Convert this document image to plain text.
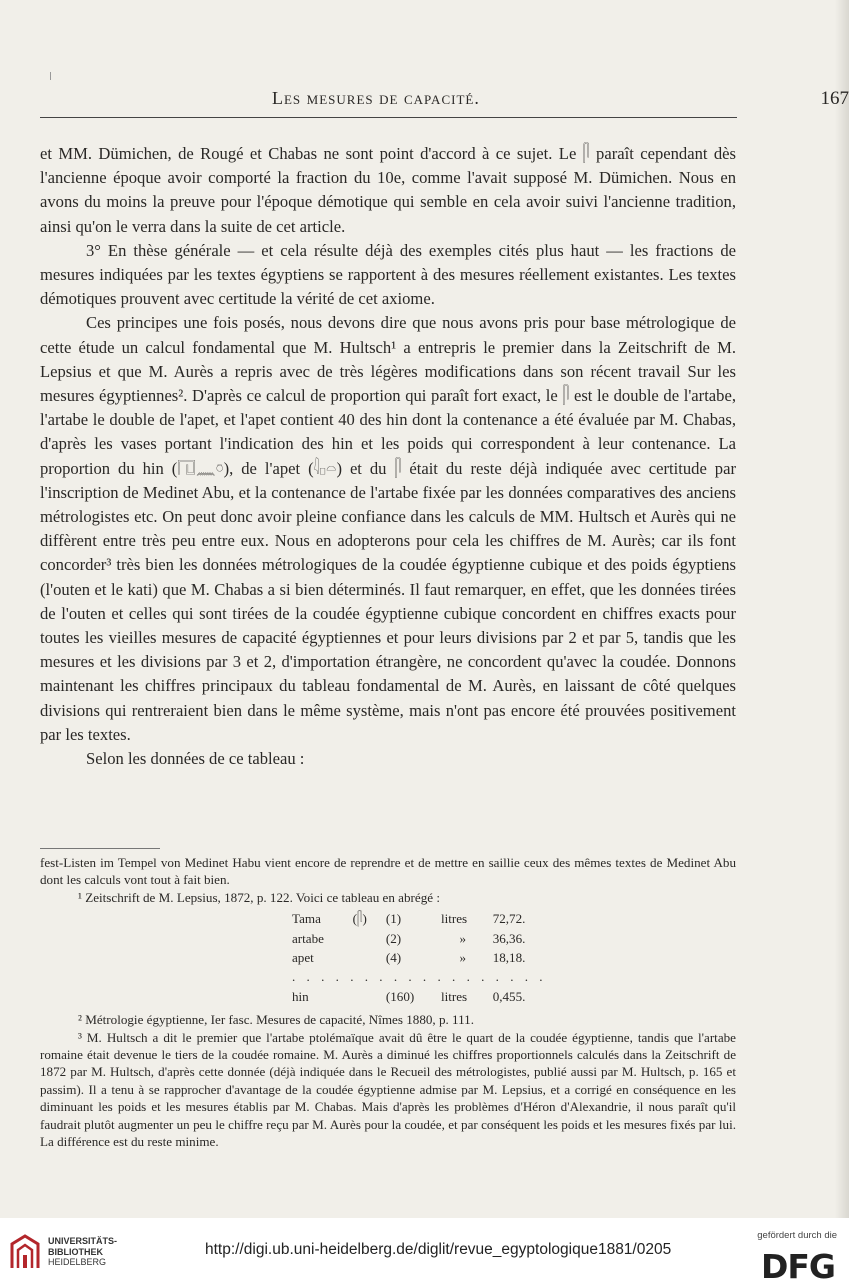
Les mesures de capacité.	167

et MM. Dümichen, de Rougé et Chabas ne sont point d'accord à ce sujet. Le 𓋴 paraît cependant dès l'ancienne époque avoir comporté la fraction du 10e, comme l'avait supposé M. Dümichen. Nous en avons du moins la preuve pour l'époque démotique qui semble en cela avoir suivi l'ancienne tradition, ainsi qu'on le verra dans la suite de cet article.

3° En thèse générale — et cela résulte déjà des exemples cités plus haut — les fractions de mesures indiquées par les textes égyptiens se rapportent à des mesures réellement existantes. Les textes démotiques prouvent avec certitude la vérité de cet axiome.

Ces principes une fois posés, nous devons dire que nous avons pris pour base métrologique de cette étude un calcul fondamental que M. Hultsch¹ a entrepris le premier dans la Zeitschrift de M. Lepsius et que M. Aurès a repris avec de très légères modifications dans son récent travail Sur les mesures égyptiennes². D'après ce calcul de proportion qui paraît fort exact, le 𓋴 est le double de l'artabe, l'artabe le double de l'apet, et l'apet contient 40 des hin dont la contenance a été évaluée par M. Chabas, d'après les vases portant l'indication des hin et les poids qui correspondent à leur contenance. La proportion du hin (𓉔𓈖𓏌), de l'apet (𓇋𓊪𓏏) et du 𓋴 était du reste déjà indiquée avec certitude par l'inscription de Medinet Abu, et la contenance de l'artabe fixée par les données comparatives des anciens métrologistes etc. On peut donc avoir pleine confiance dans les calculs de MM. Hultsch et Aurès qui ne diffèrent entre très peu entre eux. Nous en adopterons pour cela les chiffres de M. Aurès; car ils font concorder³ très bien les données métrologiques de la coudée égyptienne cubique et des poids égyptiens (l'outen et le kati) que M. Chabas a si bien déterminés. Il faut remarquer, en effet, que les données tirées de l'outen et celles qui sont tirées de la coudée égyptienne cubique concordent en chiffres exacts pour toutes les vieilles mesures de capacité égyptiennes et pour leurs divisions par 2 et par 5, tandis que les mesures et les divisions par 3 et 2, d'importation étrangère, ne concordent qu'avec la coudée. Donnons maintenant les chiffres principaux du tableau fondamental de M. Aurès, en laissant de côté quelques divisions qui rentreraient bien dans le même système, mais n'ont pas encore été prouvées positivement par les textes.

Selon les données de ce tableau :

fest-Listen im Tempel von Medinet Habu vient encore de reprendre et de mettre en saillie ceux des mêmes textes de Medinet Abu dont les calculs vont tout à fait bien.

¹ Zeitschrift de M. Lepsius, 1872, p. 122. Voici ce tableau en abrégé :

Tama	(𓋴)	(1)	litres	72,72.
artabe		(2)	»	36,36.
apet		(4)	»	18,18.
. . . . . . . . . . . . . . . . . .				
hin		(160)	litres	0,455.

² Métrologie égyptienne, Ier fasc. Mesures de capacité, Nîmes 1880, p. 111.

³ M. Hultsch a dit le premier que l'artabe ptolémaïque avait dû être le quart de la coudée égyptienne, tandis que l'artabe romaine était devenue le tiers de la coudée romaine. M. Aurès a diminué les chiffres proportionnels calculés dans la Zeitschrift de 1872 par M. Hultsch, d'après cette donnée (déjà indiquée dans le Recueil des métrologistes, publié aussi par M. Hultsch, p. 165 et passim). Il a tenu à se rapprocher d'avantage de la coudée égyptienne admise par M. Lepsius, et a corrigé en conséquence en les diminuant les poids et les mesures établis par M. Chabas. Mais d'après les problèmes d'Héron d'Alexandrie, il nous paraît qu'il faudrait plutôt augmenter un peu le chiffre reçu par M. Aurès pour la coudée, et par conséquent les poids et les mesures fixés par lui. La différence est du reste minime.

UNIVERSITÄTS-
BIBLIOTHEK
HEIDELBERG
http://digi.ub.uni-heidelberg.de/diglit/revue_egyptologique1881/0205
gefördert durch die
DFG
